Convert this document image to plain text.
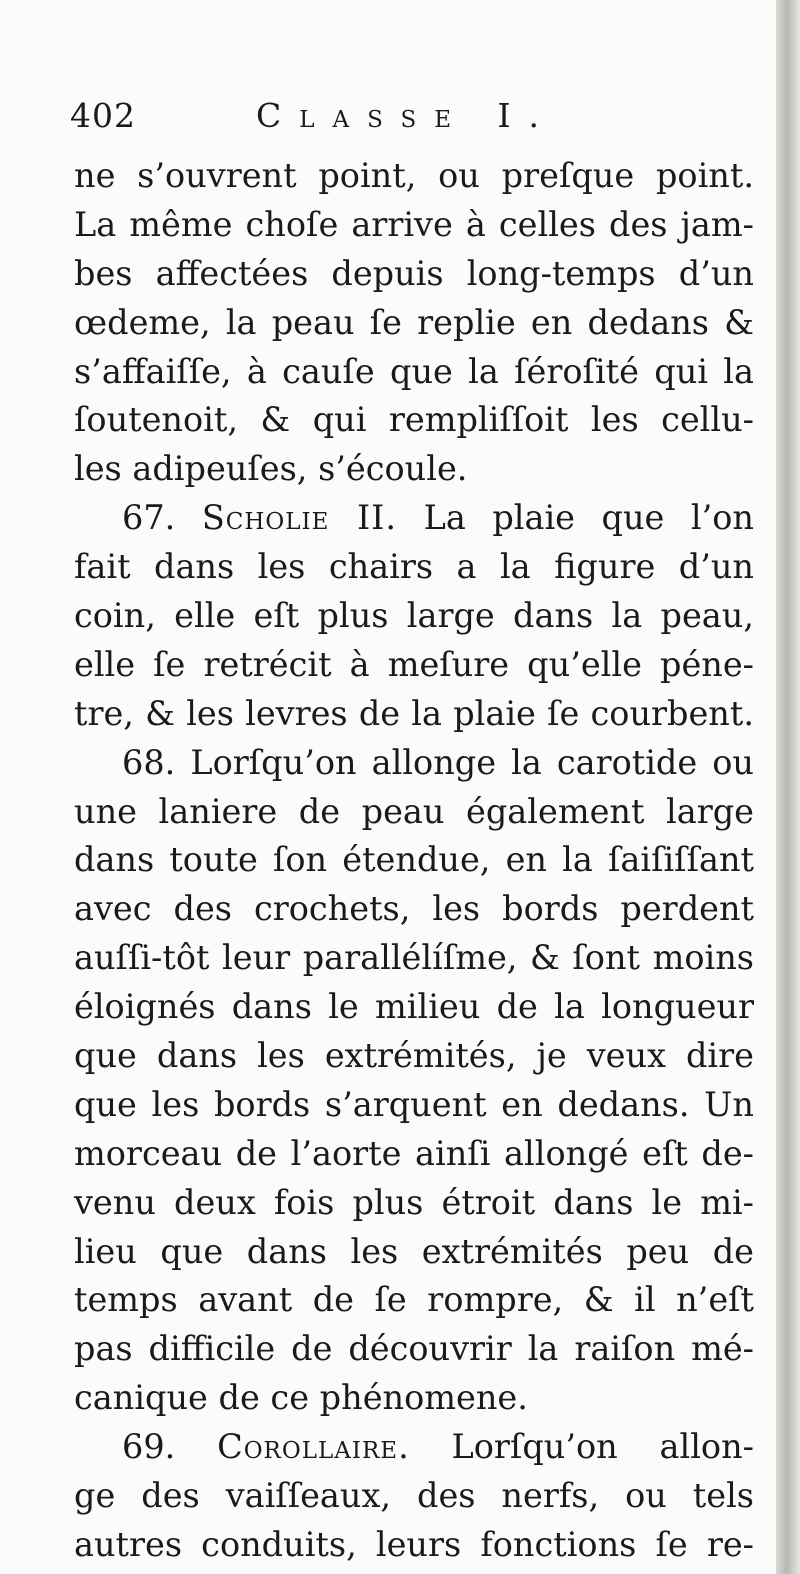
402	Classe I.
ne s’ouvrent point, ou preſque point.
La même choſe arrive à celles des jam-
bes affectées depuis long-temps d’un
œdeme, la peau ſe replie en dedans &
s’affaiſſe, à cauſe que la ſéroſité qui la
ſoutenoit, & qui rempliſſoit les cellu-
les adipeuſes, s’écoule.
67. Scholie II. La plaie que l’on
fait dans les chairs a la figure d’un
coin, elle eſt plus large dans la peau,
elle ſe retrécit à meſure qu’elle péne-
tre, & les levres de la plaie ſe courbent.
68. Lorſqu’on allonge la carotide ou
une laniere de peau également large
dans toute ſon étendue, en la ſaiſiſſant
avec des crochets, les bords perdent
auſſi-tôt leur parallélíſme, & ſont moins
éloignés dans le milieu de la longueur
que dans les extrémités, je veux dire
que les bords s’arquent en dedans. Un
morceau de l’aorte ainſi allongé eſt de-
venu deux fois plus étroit dans le mi-
lieu que dans les extrémités peu de
temps avant de ſe rompre, & il n’eſt
pas difficile de découvrir la raiſon mé-
canique de ce phénomene.
69. Corollaire. Lorſqu’on allon-
ge des vaiſſeaux, des nerfs, ou tels
autres conduits, leurs fonctions ſe re-
